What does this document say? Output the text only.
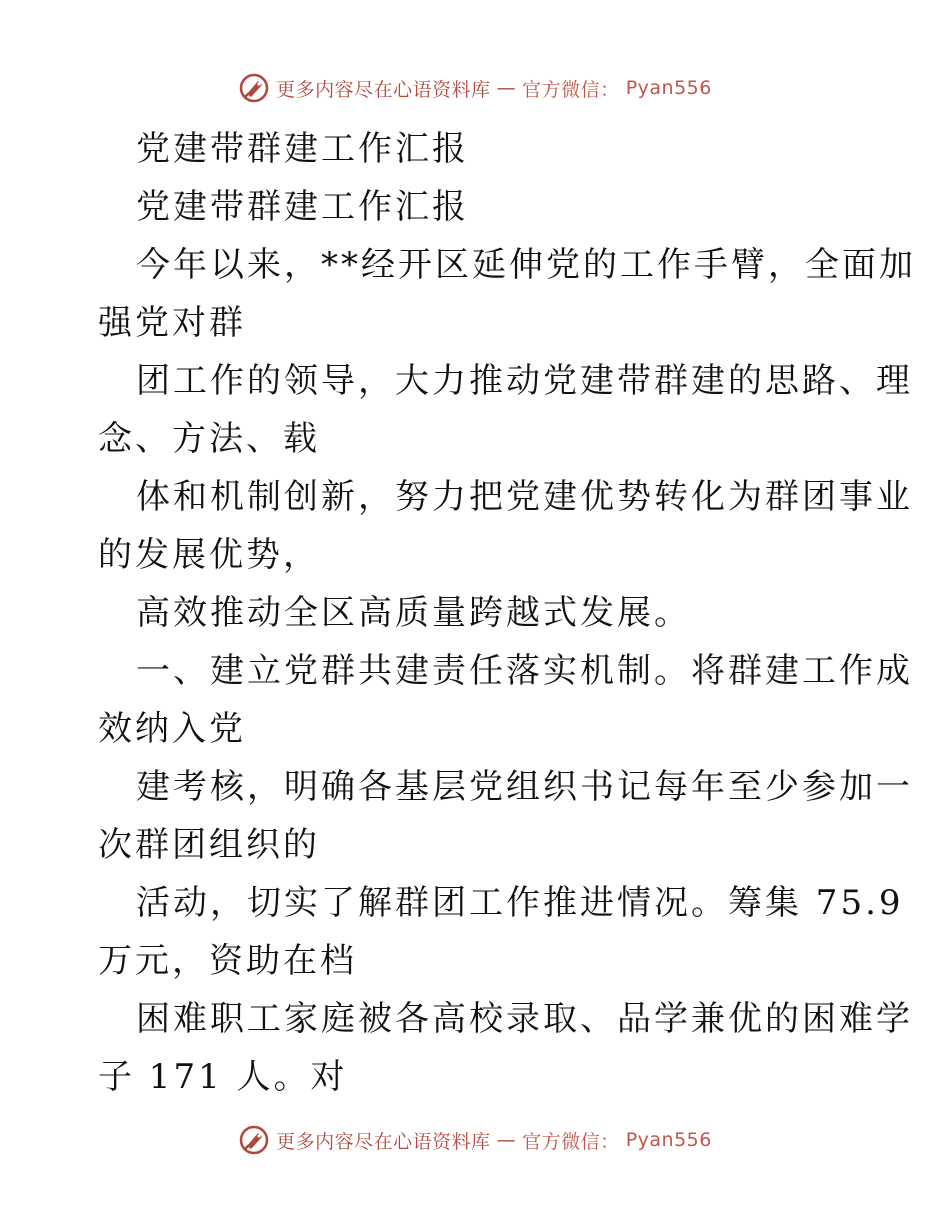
更多内容尽在心语资料库 — 官方微信： Pyan556
党建带群建工作汇报
党建带群建工作汇报
今年以来，**经开区延伸党的工作手臂，全面加
强党对群
团工作的领导，大力推动党建带群建的思路、理
念、方法、载
体和机制创新，努力把党建优势转化为群团事业
的发展优势，
高效推动全区高质量跨越式发展。
一、建立党群共建责任落实机制。将群建工作成
效纳入党
建考核，明确各基层党组织书记每年至少参加一
次群团组织的
活动，切实了解群团工作推进情况。筹集 75.9
万元，资助在档
困难职工家庭被各高校录取、品学兼优的困难学
子 171 人。对
更多内容尽在心语资料库 — 官方微信： Pyan556
